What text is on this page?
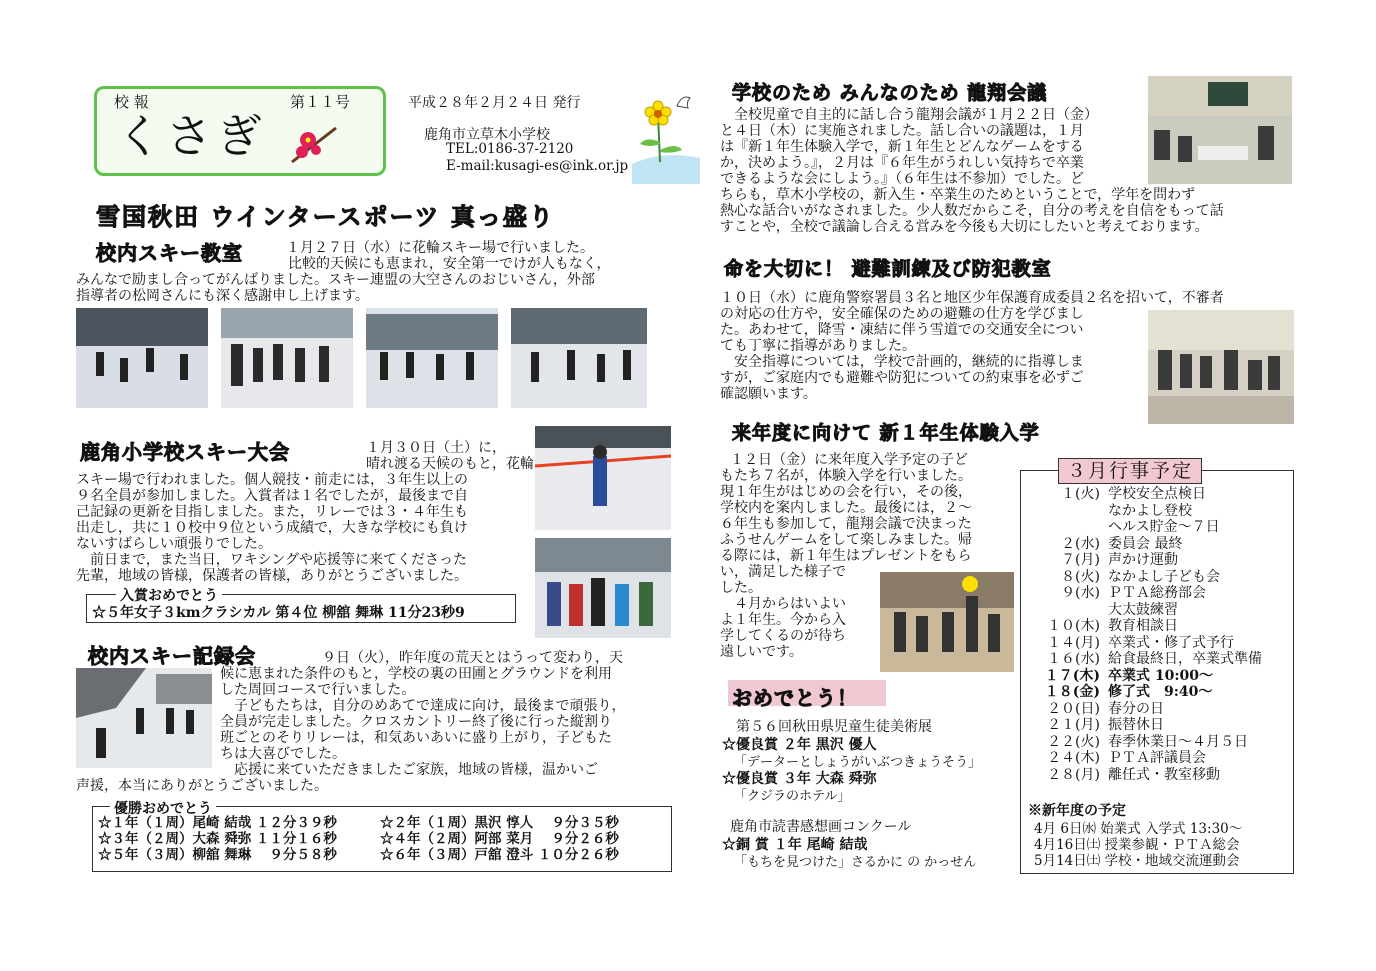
校 報	第１１号
くさぎ
平成２８年２月２４日 発行
鹿角市立草木小学校
TEL:0186-37-2120
E-mail:kusagi-es@ink.or.jp
雪国秋田 ウインタースポーツ 真っ盛り
校内スキー教室	１月２７日（水）に花輪スキー場で行いました。

比較的天候にも恵まれ，安全第一でけが人もなく，

みんなで励まし合ってがんばりました。スキー連盟の大空さんのおじいさん，外部

指導者の松岡さんにも深く感謝申し上げます。

鹿角小学校スキー大会	１月３０日（土）に，

晴れ渡る天候のもと，花輪

スキー場で行われました。個人競技・前走には，３年生以上の

９名全員が参加しました。入賞者は１名でしたが，最後まで自

己記録の更新を目指しました。また，リレーでは３・４年生も

出走し，共に１０校中９位という成績で，大きな学校にも負け

ないすばらしい頑張りでした。

　前日まで，また当日，ワキシングや応援等に来てくださった

先輩，地域の皆様，保護者の皆様，ありがとうございました。

入賞おめでとう
☆５年女子３kmクラシカル 第４位 柳舘 舞琳 11分23秒9
校内スキー記録会	９日（火），昨年度の荒天とはうって変わり，天

候に恵まれた条件のもと，学校の裏の田圃とグラウンドを利用

した周回コースで行いました。

　子どもたちは，自分のめあてで達成に向け，最後まで頑張り，

全員が完走しました。クロスカントリー終了後に行った縦割り

班ごとのそりリレーは，和気あいあいに盛り上がり，子どもた

ちは大喜びでした。

　応援に来ていただきましたご家族，地域の皆様，温かいご

声援，本当にありがとうございました。

優勝おめでとう
☆１年（１周）尾崎 結哉 １２分３９秒	☆２年（１周）黒沢 惇人　 ９分３５秒
☆３年（２周）大森 舜弥 １１分１６秒	☆４年（２周）阿部 菜月　 ９分２６秒
☆５年（３周）柳舘 舞琳　 ９分５８秒	☆６年（３周）戸舘 澄斗 １０分２６秒
学校のため みんなのため 龍翔会議

　全校児童で自主的に話し合う龍翔会議が１月２２日（金）

と４日（木）に実施されました。話し合いの議題は，１月

は『新１年生体験入学で，新１年生とどんなゲームをする

か，決めよう。』，２月は『６年生がうれしい気持ちで卒業

できるような会にしよう。』（６年生は不参加）でした。ど

ちらも，草木小学校の，新入生・卒業生のためということで，学年を問わず

熱心な話合いがなされました。少人数だからこそ，自分の考えを自信をもって話

すことや，全校で議論し合える営みを今後も大切にしたいと考えております。

命を大切に！ 避難訓練及び防犯教室

１０日（水）に鹿角警察署員３名と地区少年保護育成委員２名を招いて，不審者

の対応の仕方や，安全確保のための避難の仕方を学びまし

た。あわせて，降雪・凍結に伴う雪道での交通安全につい

ても丁寧に指導がありました。

　安全指導については，学校で計画的，継続的に指導しま

すが，ご家庭内でも避難や防犯についての約束事を必ずご

確認願います。

来年度に向けて 新１年生体験入学

１２日（金）に来年度入学予定の子ど

もたち７名が，体験入学を行いました。

現１年生がはじめの会を行い，その後，

学校内を案内しました。最後には，２～

６年生も参加して，龍翔会議で決まった

ふうせんゲームをして楽しみました。帰

る際には，新１年生はプレゼントをもら

い，満足した様子で

した。

　４月からはいよい

よ１年生。今から入

学してくるのが待ち

遠しいです。

おめでとう！
第５６回秋田県児童生徒美術展
☆優良賞 ２年 黒沢 優人
「データーとしょうがいぶつきょうそう」
☆優良賞 ３年 大森 舜弥
「クジラのホテル」
鹿角市読書感想画コンクール
☆銅 賞 １年 尾崎 結哉
「もちを見つけた」さるかに の かっせん
３月行事予定
１(火) 学校安全点検日
なかよし登校
ヘルス貯金～７日
２(水) 委員会 最終
７(月) 声かけ運動
８(火) なかよし子ども会
９(水) ＰＴＡ総務部会
大太鼓練習
１０(木) 教育相談日
１４(月) 卒業式・修了式予行
１６(水) 給食最終日，卒業式準備
１７(木) 卒業式 10:00～
１８(金) 修了式　9:40～
２０(日) 春分の日
２１(月) 振替休日
２２(火) 春季休業日～４月５日
２４(木) ＰＴＡ評議員会
２８(月) 離任式・教室移動
※新年度の予定
4月 6日㈬ 始業式 入学式 13:30～
4月16日㈯ 授業参観・ＰＴＡ総会
5月14日㈯ 学校・地域交流運動会
